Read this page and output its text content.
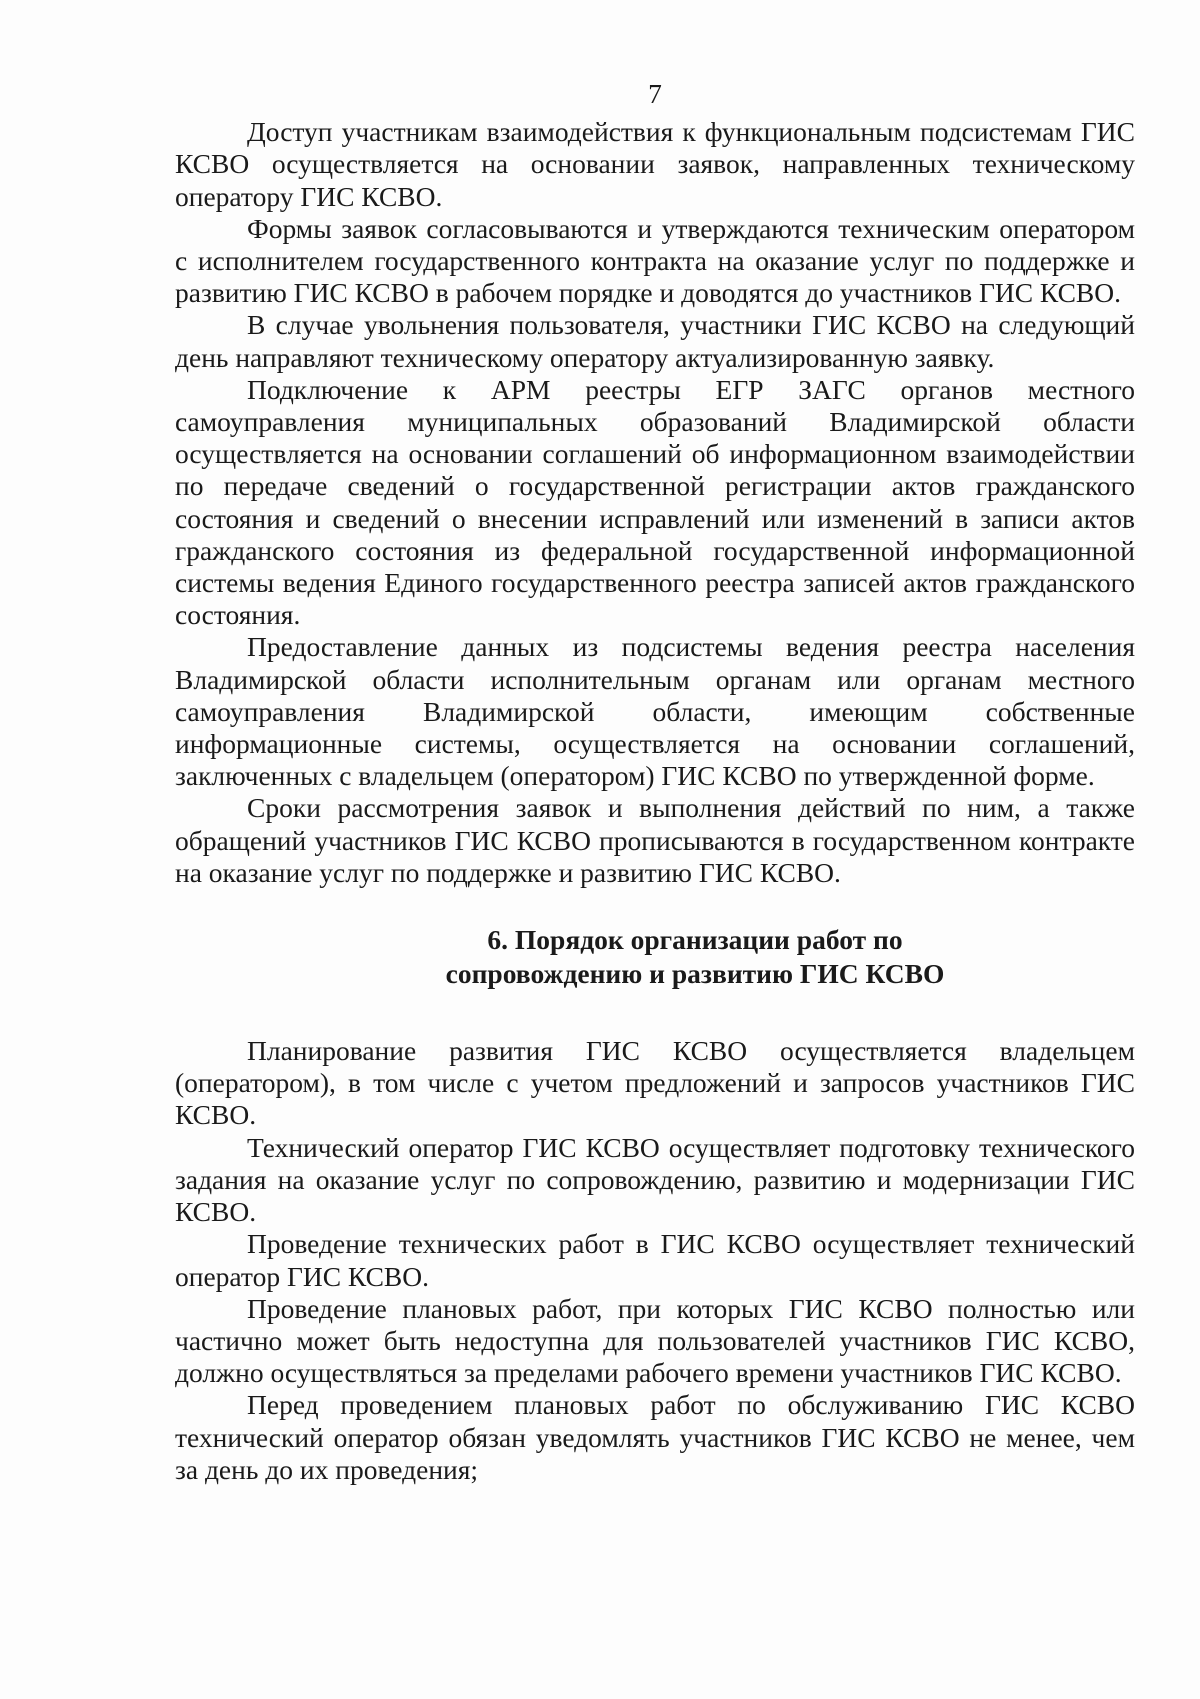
7

Доступ участникам взаимодействия к функциональным подсистемам ГИС КСВО осуществляется на основании заявок, направленных техническому оператору ГИС КСВО.

Формы заявок согласовываются и утверждаются техническим оператором с исполнителем государственного контракта на оказание услуг по поддержке и развитию ГИС КСВО в рабочем порядке и доводятся до участников ГИС КСВО.

В случае увольнения пользователя, участники ГИС КСВО на следующий день направляют техническому оператору актуализированную заявку.

Подключение к АРМ реестры ЕГР ЗАГС органов местного самоуправления муниципальных образований Владимирской области осуществляется на основании соглашений об информационном взаимодействии по передаче сведений о государственной регистрации актов гражданского состояния и сведений о внесении исправлений или изменений в записи актов гражданского состояния из федеральной государственной информационной системы ведения Единого государственного реестра записей актов гражданского состояния.

Предоставление данных из подсистемы ведения реестра населения Владимирской области исполнительным органам или органам местного самоуправления Владимирской области, имеющим собственные информационные системы, осуществляется на основании соглашений, заключенных с владельцем (оператором) ГИС КСВО по утвержденной форме.

Сроки рассмотрения заявок и выполнения действий по ним, а также обращений участников ГИС КСВО прописываются в государственном контракте на оказание услуг по поддержке и развитию ГИС КСВО.

6. Порядок организации работ по
сопровождению и развитию ГИС КСВО

Планирование развития ГИС КСВО осуществляется владельцем (оператором), в том числе с учетом предложений и запросов участников ГИС КСВО.

Технический оператор ГИС КСВО осуществляет подготовку технического задания на оказание услуг по сопровождению, развитию и модернизации ГИС КСВО.

Проведение технических работ в ГИС КСВО осуществляет технический оператор ГИС КСВО.

Проведение плановых работ, при которых ГИС КСВО полностью или частично может быть недоступна для пользователей участников ГИС КСВО, должно осуществляться за пределами рабочего времени участников ГИС КСВО.

Перед проведением плановых работ по обслуживанию ГИС КСВО технический оператор обязан уведомлять участников ГИС КСВО не менее, чем за день до их проведения;
